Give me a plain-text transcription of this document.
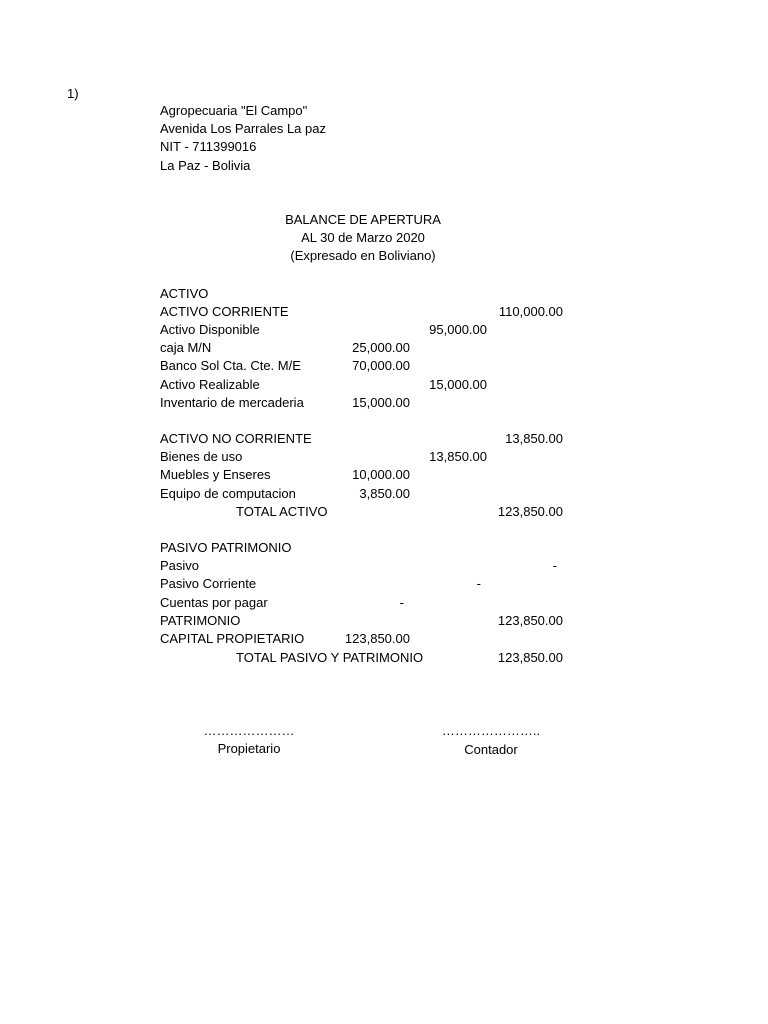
1)
Agropecuaria "El Campo"
Avenida Los Parrales La paz
NIT - 711399016
La Paz - Bolivia
BALANCE DE APERTURA
AL 30 de Marzo 2020
(Expresado en Boliviano)
ACTIVO
ACTIVO CORRIENTE	110,000.00
Activo Disponible	95,000.00
caja M/N	25,000.00
Banco Sol Cta. Cte. M/E	70,000.00
Activo Realizable	15,000.00
Inventario de mercaderia	15,000.00
ACTIVO NO CORRIENTE	13,850.00
Bienes de uso	13,850.00
Muebles y Enseres	10,000.00
Equipo de computacion	3,850.00
TOTAL ACTIVO	123,850.00
PASIVO PATRIMONIO
Pasivo	-
Pasivo Corriente	-
Cuentas por pagar	-
PATRIMONIO	123,850.00
CAPITAL PROPIETARIO	123,850.00
TOTAL PASIVO Y PATRIMONIO	123,850.00
…………………
Propietario
…………………..
Contador
